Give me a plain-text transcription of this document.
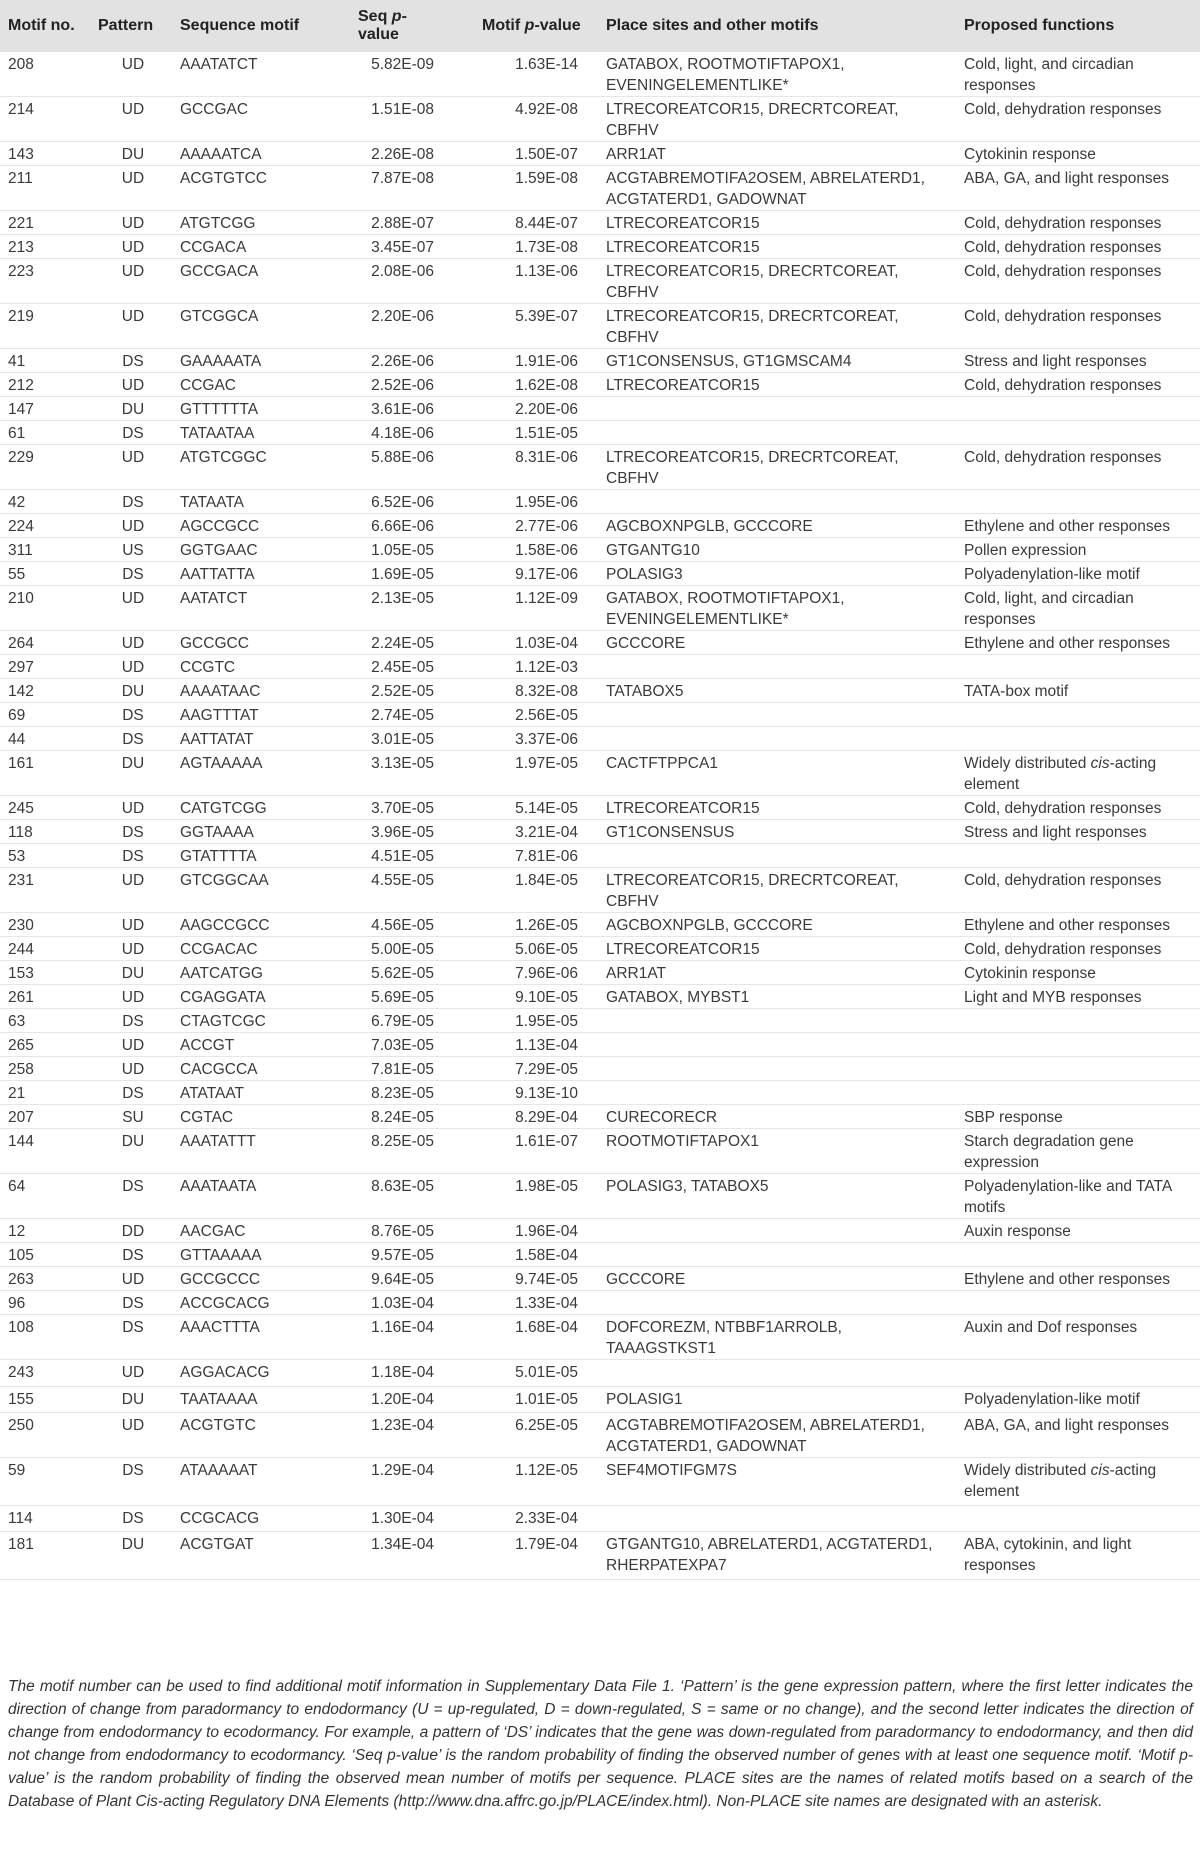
Motif no.	Pattern	Sequence motif	Seq p-value	Motif p-value	Place sites and other motifs	Proposed functions
208	UD	AAATATCT	5.82E-09	1.63E-14	GATABOX, ROOTMOTIFTAPOX1, EVENINGELEMENTLIKE*	Cold, light, and circadian responses
214	UD	GCCGAC	1.51E-08	4.92E-08	LTRECOREATCOR15, DRECRTCOREAT, CBFHV	Cold, dehydration responses
143	DU	AAAAATCA	2.26E-08	1.50E-07	ARR1AT	Cytokinin response
211	UD	ACGTGTCC	7.87E-08	1.59E-08	ACGTABREMOTIFA2OSEM, ABRELATERD1, ACGTATERD1, GADOWNAT	ABA, GA, and light responses
221	UD	ATGTCGG	2.88E-07	8.44E-07	LTRECOREATCOR15	Cold, dehydration responses
213	UD	CCGACA	3.45E-07	1.73E-08	LTRECOREATCOR15	Cold, dehydration responses
223	UD	GCCGACA	2.08E-06	1.13E-06	LTRECOREATCOR15, DRECRTCOREAT, CBFHV	Cold, dehydration responses
219	UD	GTCGGCA	2.20E-06	5.39E-07	LTRECOREATCOR15, DRECRTCOREAT, CBFHV	Cold, dehydration responses
41	DS	GAAAAATA	2.26E-06	1.91E-06	GT1CONSENSUS, GT1GMSCAM4	Stress and light responses
212	UD	CCGAC	2.52E-06	1.62E-08	LTRECOREATCOR15	Cold, dehydration responses
147	DU	GTTTTTTA	3.61E-06	2.20E-06		
61	DS	TATAATAA	4.18E-06	1.51E-05		
229	UD	ATGTCGGC	5.88E-06	8.31E-06	LTRECOREATCOR15, DRECRTCOREAT, CBFHV	Cold, dehydration responses
42	DS	TATAATA	6.52E-06	1.95E-06		
224	UD	AGCCGCC	6.66E-06	2.77E-06	AGCBOXNPGLB, GCCCORE	Ethylene and other responses
311	US	GGTGAAC	1.05E-05	1.58E-06	GTGANTG10	Pollen expression
55	DS	AATTATTA	1.69E-05	9.17E-06	POLASIG3	Polyadenylation-like motif
210	UD	AATATCT	2.13E-05	1.12E-09	GATABOX, ROOTMOTIFTAPOX1, EVENINGELEMENTLIKE*	Cold, light, and circadian responses
264	UD	GCCGCC	2.24E-05	1.03E-04	GCCCORE	Ethylene and other responses
297	UD	CCGTC	2.45E-05	1.12E-03		
142	DU	AAAATAAC	2.52E-05	8.32E-08	TATABOX5	TATA-box motif
69	DS	AAGTTTAT	2.74E-05	2.56E-05		
44	DS	AATTATAT	3.01E-05	3.37E-06		
161	DU	AGTAAAAA	3.13E-05	1.97E-05	CACTFTPPCA1	Widely distributed cis-acting element
245	UD	CATGTCGG	3.70E-05	5.14E-05	LTRECOREATCOR15	Cold, dehydration responses
118	DS	GGTAAAA	3.96E-05	3.21E-04	GT1CONSENSUS	Stress and light responses
53	DS	GTATTTTA	4.51E-05	7.81E-06		
231	UD	GTCGGCAA	4.55E-05	1.84E-05	LTRECOREATCOR15, DRECRTCOREAT, CBFHV	Cold, dehydration responses
230	UD	AAGCCGCC	4.56E-05	1.26E-05	AGCBOXNPGLB, GCCCORE	Ethylene and other responses
244	UD	CCGACAC	5.00E-05	5.06E-05	LTRECOREATCOR15	Cold, dehydration responses
153	DU	AATCATGG	5.62E-05	7.96E-06	ARR1AT	Cytokinin response
261	UD	CGAGGATA	5.69E-05	9.10E-05	GATABOX, MYBST1	Light and MYB responses
63	DS	CTAGTCGC	6.79E-05	1.95E-05		
265	UD	ACCGT	7.03E-05	1.13E-04		
258	UD	CACGCCA	7.81E-05	7.29E-05		
21	DS	ATATAAT	8.23E-05	9.13E-10		
207	SU	CGTAC	8.24E-05	8.29E-04	CURECORECR	SBP response
144	DU	AAATATTT	8.25E-05	1.61E-07	ROOTMOTIFTAPOX1	Starch degradation gene expression
64	DS	AAATAATA	8.63E-05	1.98E-05	POLASIG3, TATABOX5	Polyadenylation-like and TATA motifs
12	DD	AACGAC	8.76E-05	1.96E-04		Auxin response
105	DS	GTTAAAAA	9.57E-05	1.58E-04		
263	UD	GCCGCCC	9.64E-05	9.74E-05	GCCCORE	Ethylene and other responses
96	DS	ACCGCACG	1.03E-04	1.33E-04		
108	DS	AAACTTTA	1.16E-04	1.68E-04	DOFCOREZM, NTBBF1ARROLB, TAAAGSTKST1	Auxin and Dof responses
243	UD	AGGACACG	1.18E-04	5.01E-05		
155	DU	TAATAAAA	1.20E-04	1.01E-05	POLASIG1	Polyadenylation-like motif
250	UD	ACGTGTC	1.23E-04	6.25E-05	ACGTABREMOTIFA2OSEM, ABRELATERD1, ACGTATERD1, GADOWNAT	ABA, GA, and light responses
59	DS	ATAAAAAT	1.29E-04	1.12E-05	SEF4MOTIFGM7S	Widely distributed cis-acting element
114	DS	CCGCACG	1.30E-04	2.33E-04		
181	DU	ACGTGAT	1.34E-04	1.79E-04	GTGANTG10, ABRELATERD1, ACGTATERD1, RHERPATEXPA7	ABA, cytokinin, and light responses
The motif number can be used to find additional motif information in Supplementary Data File 1. ‘Pattern’ is the gene expression pattern, where the first letter indicates the direction of change from paradormancy to endodormancy (U = up-regulated, D = down-regulated, S = same or no change), and the second letter indicates the direction of change from endodormancy to ecodormancy. For example, a pattern of ‘DS’ indicates that the gene was down-regulated from paradormancy to endodormancy, and then did not change from endodormancy to ecodormancy. ‘Seq p-value’ is the random probability of finding the observed number of genes with at least one sequence motif. ‘Motif p-value’ is the random probability of finding the observed mean number of motifs per sequence. PLACE sites are the names of related motifs based on a search of the Database of Plant Cis-acting Regulatory DNA Elements (http://www.dna.affrc.go.jp/PLACE/index.html). Non-PLACE site names are designated with an asterisk.
